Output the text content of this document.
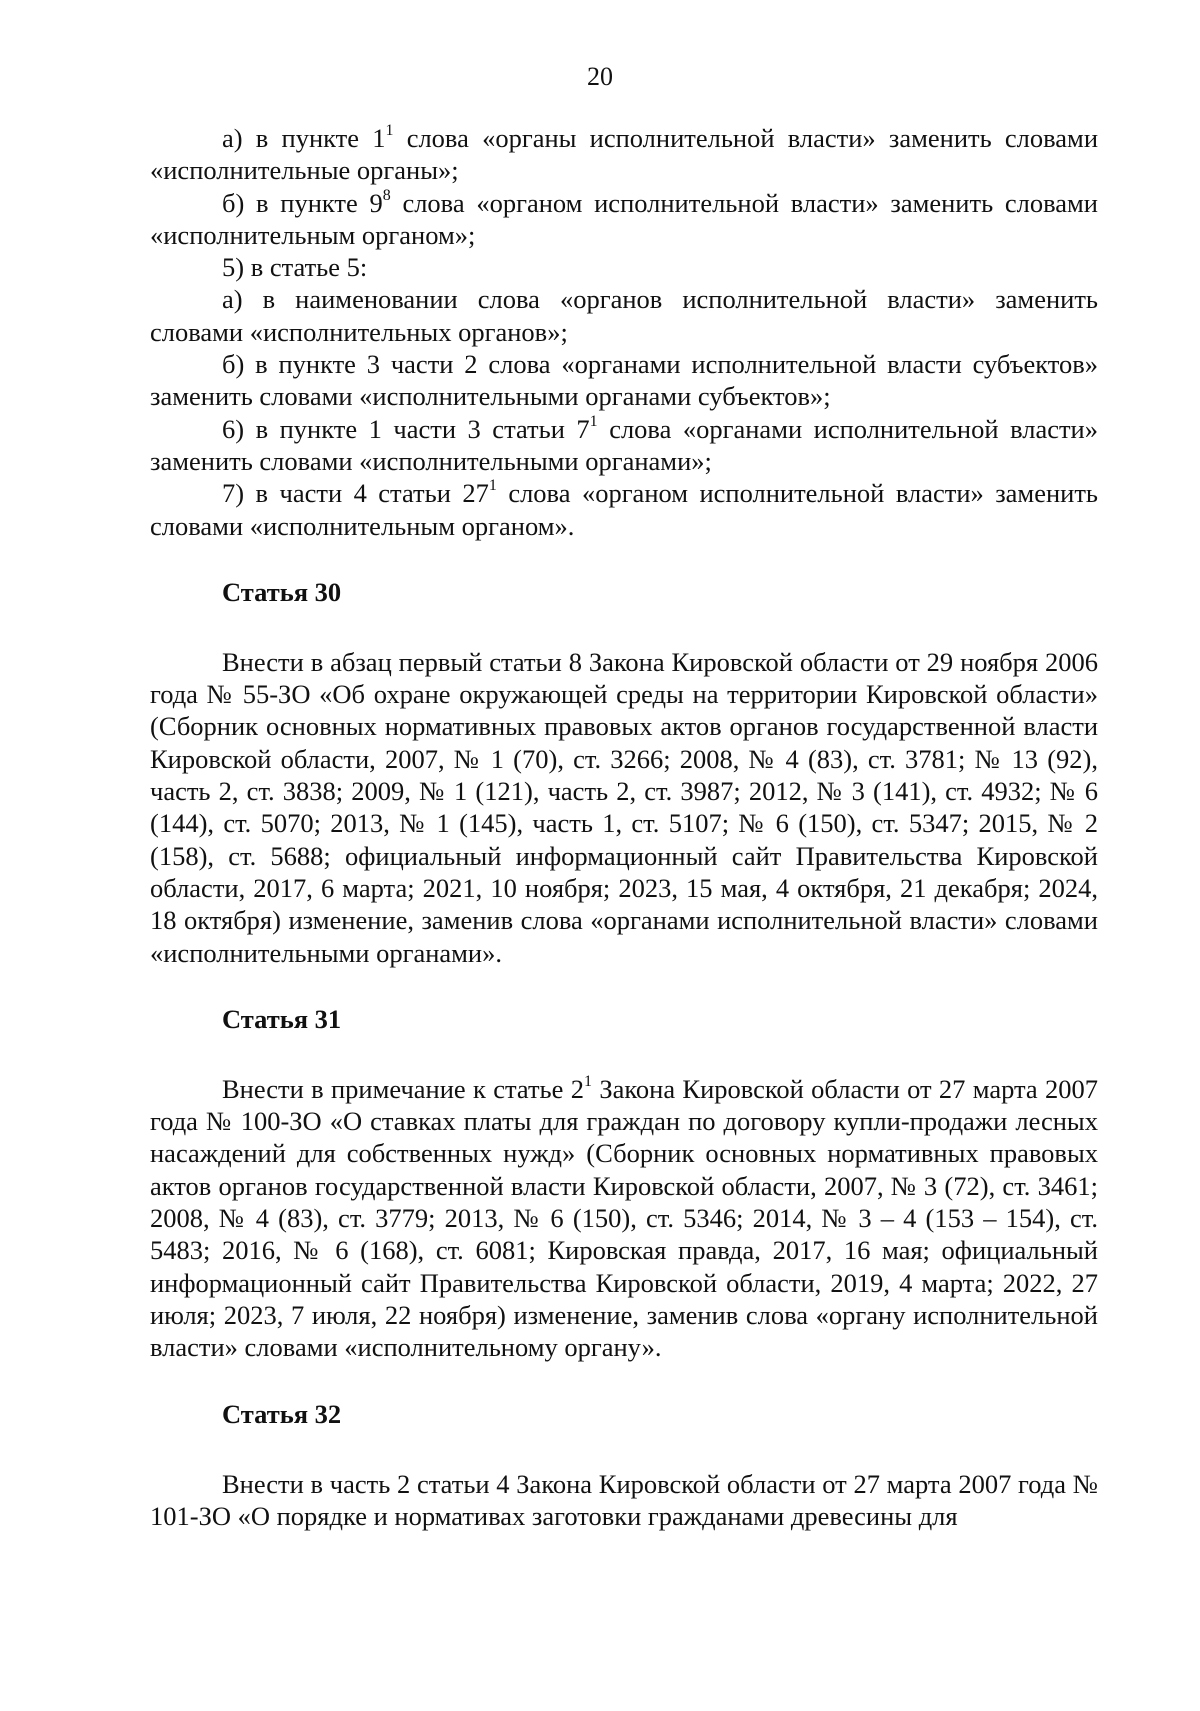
20

а) в пункте $1^1$ слова «органы исполнительной власти» заменить словами «исполнительные органы»;

б) в пункте $9^8$ слова «органом исполнительной власти» заменить словами «исполнительным органом»;

5) в статье 5:

а) в наименовании слова «органов исполнительной власти» заменить словами «исполнительных органов»;

б) в пункте 3 части 2 слова «органами исполнительной власти субъектов» заменить словами «исполнительными органами субъектов»;

6) в пункте 1 части 3 статьи $7^1$ слова «органами исполнительной власти» заменить словами «исполнительными органами»;

7) в части 4 статьи $27^1$ слова «органом исполнительной власти» заменить словами «исполнительным органом».

Статья 30

Внести в абзац первый статьи 8 Закона Кировской области от 29 ноября 2006 года № 55-ЗО «Об охране окружающей среды на территории Кировской области» (Сборник основных нормативных правовых актов органов государственной власти Кировской области, 2007, № 1 (70), ст. 3266; 2008, № 4 (83), ст. 3781; № 13 (92), часть 2, ст. 3838; 2009, № 1 (121), часть 2, ст. 3987; 2012, № 3 (141), ст. 4932; № 6 (144), ст. 5070; 2013, № 1 (145), часть 1, ст. 5107; № 6 (150), ст. 5347; 2015, № 2 (158), ст. 5688; официальный информационный сайт Правительства Кировской области, 2017, 6 марта; 2021, 10 ноября; 2023, 15 мая, 4 октября, 21 декабря; 2024, 18 октября) изменение, заменив слова «органами исполнительной власти» словами «исполнительными органами».

Статья 31

Внести в примечание к статье $2^1$ Закона Кировской области от 27 марта 2007 года № 100-ЗО «О ставках платы для граждан по договору купли-продажи лесных насаждений для собственных нужд» (Сборник основных нормативных правовых актов органов государственной власти Кировской области, 2007, № 3 (72), ст. 3461; 2008, № 4 (83), ст. 3779; 2013, № 6 (150), ст. 5346; 2014, № 3 – 4 (153 – 154), ст. 5483; 2016, № 6 (168), ст. 6081; Кировская правда, 2017, 16 мая; официальный информационный сайт Правительства Кировской области, 2019, 4 марта; 2022, 27 июля; 2023, 7 июля, 22 ноября) изменение, заменив слова «органу исполнительной власти» словами «исполнительному органу».

Статья 32

Внести в часть 2 статьи 4 Закона Кировской области от 27 марта 2007 года № 101-ЗО «О порядке и нормативах заготовки гражданами древесины для
